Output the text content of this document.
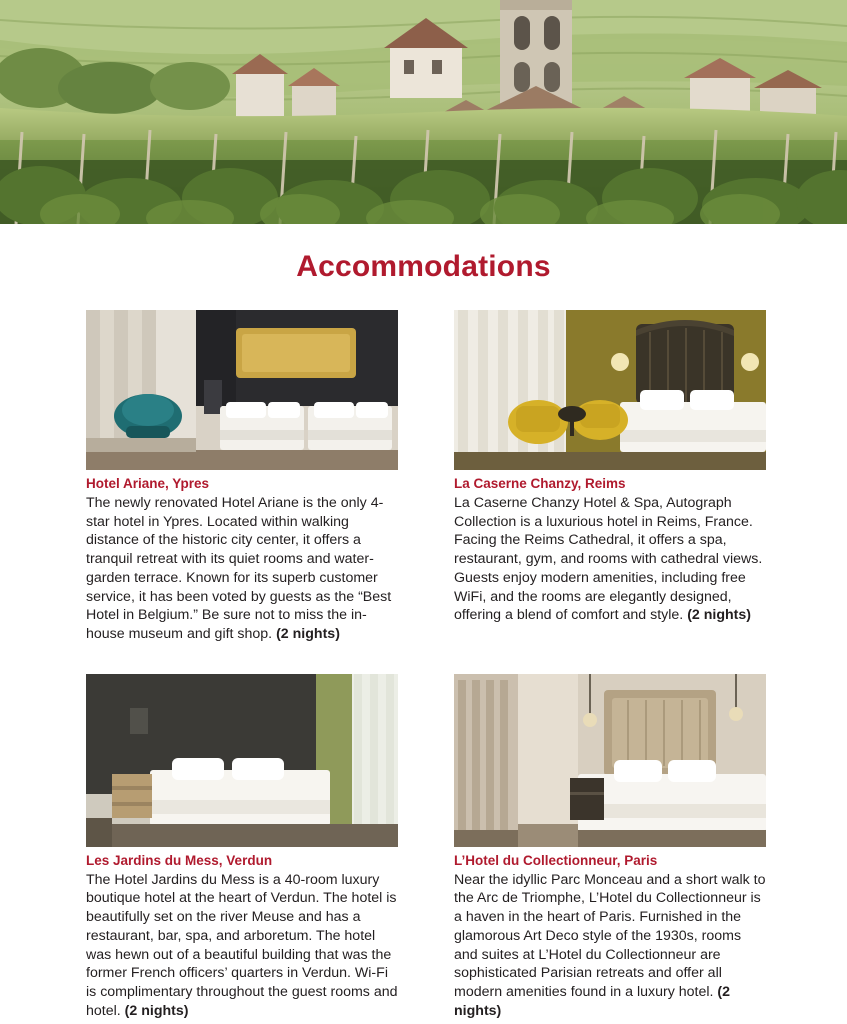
Accommodations
Hotel Ariane, Ypres
The newly renovated Hotel Ariane is the only 4-star hotel in Ypres. Located within walking distance of the historic city center, it offers a tranquil retreat with its quiet rooms and water-garden terrace. Known for its superb customer service, it has been voted by guests as the “Best Hotel in Belgium.” Be sure not to miss the in-house museum and gift shop. (2 nights)
La Caserne Chanzy, Reims
La Caserne Chanzy Hotel & Spa, Autograph Collection is a luxurious hotel in Reims, France. Facing the Reims Cathedral, it offers a spa, restaurant, gym, and rooms with cathedral views. Guests enjoy modern amenities, including free WiFi, and the rooms are elegantly designed, offering a blend of comfort and style. (2 nights)
Les Jardins du Mess, Verdun
The Hotel Jardins du Mess is a 40-room luxury boutique hotel at the heart of Verdun. The hotel is beautifully set on the river Meuse and has a restaurant, bar, spa, and arboretum. The hotel was hewn out of a beautiful building that was the former French officers’ quarters in Verdun. Wi-Fi is complimentary throughout the guest rooms and hotel. (2 nights)
L’Hotel du Collectionneur, Paris
Near the idyllic Parc Monceau and a short walk to the Arc de Triomphe, L’Hotel du Collectionneur is a haven in the heart of Paris. Furnished in the glamorous Art Deco style of the 1930s, rooms and suites at L’Hotel du Collectionneur are sophisticated Parisian retreats and offer all modern amenities found in a luxury hotel. (2 nights)
